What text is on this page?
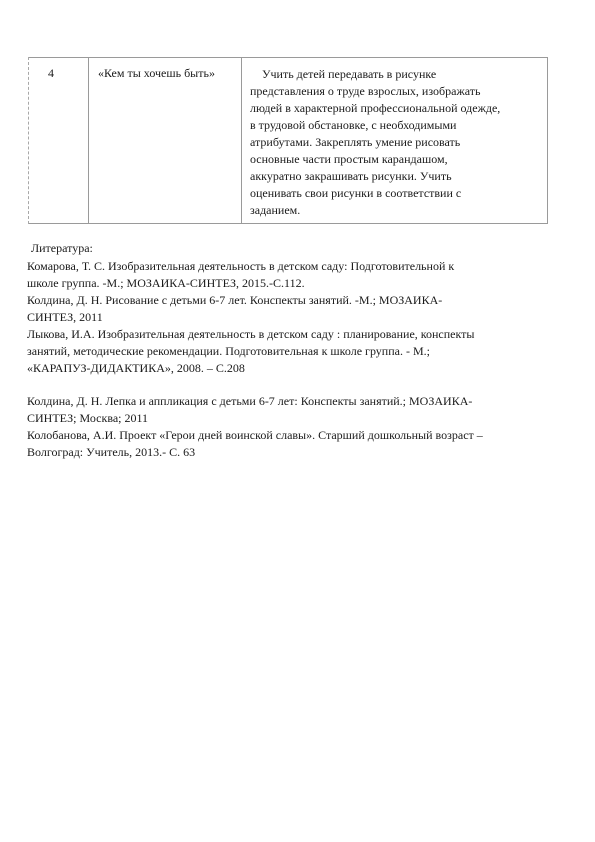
4	«Кем ты хочешь быть»	Учить детей передавать в рисунке
представления о труде взрослых, изображать
людей в характерной профессиональной одежде,
в трудовой обстановке, с необходимыми
атрибутами. Закреплять умение рисовать
основные части простым карандашом,
аккуратно закрашивать рисунки. Учить
оценивать свои рисунки в соответствии с
заданием.
Литература:
Комарова, Т. С. Изобразительная деятельность в детском саду: Подготовительной к
школе группа. -М.; МОЗАИКА-СИНТЕЗ, 2015.-С.112.
Колдина, Д. Н. Рисование с детьми 6-7 лет. Конспекты занятий. -М.; МОЗАИКА-
СИНТЕЗ, 2011
Лыкова, И.А. Изобразительная деятельность в детском саду : планирование, конспекты
занятий, методические рекомендации. Подготовительная к школе группа. - М.;
«КАРАПУЗ-ДИДАКТИКА», 2008. – С.208
Колдина, Д. Н. Лепка и аппликация с детьми 6-7 лет: Конспекты занятий.; МОЗАИКА-
СИНТЕЗ; Москва; 2011
Колобанова, А.И. Проект «Герои дней воинской славы». Старший дошкольный возраст –
Волгоград: Учитель, 2013.- С. 63
